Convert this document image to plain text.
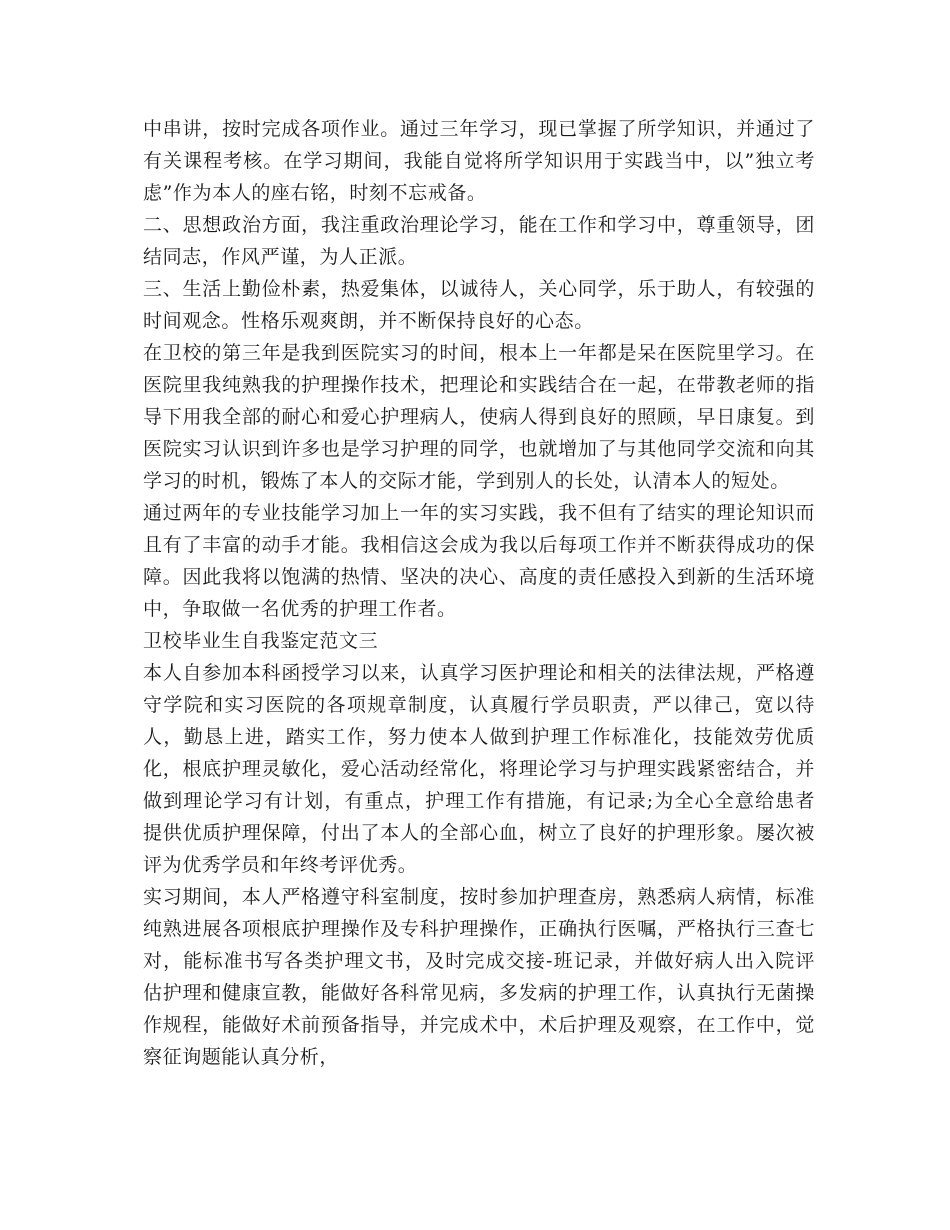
中串讲，按时完成各项作业。通过三年学习，现已掌握了所学知识，并通过了有关课程考核。在学习期间，我能自觉将所学知识用于实践当中，以”独立考虑”作为本人的座右铭，时刻不忘戒备。

二、思想政治方面，我注重政治理论学习，能在工作和学习中，尊重领导，团结同志，作风严谨，为人正派。

三、生活上勤俭朴素，热爱集体，以诚待人，关心同学，乐于助人，有较强的时间观念。性格乐观爽朗，并不断保持良好的心态。

在卫校的第三年是我到医院实习的时间，根本上一年都是呆在医院里学习。在医院里我纯熟我的护理操作技术，把理论和实践结合在一起，在带教老师的指导下用我全部的耐心和爱心护理病人，使病人得到良好的照顾，早日康复。到医院实习认识到许多也是学习护理的同学，也就增加了与其他同学交流和向其学习的时机，锻炼了本人的交际才能，学到别人的长处，认清本人的短处。

通过两年的专业技能学习加上一年的实习实践，我不但有了结实的理论知识而且有了丰富的动手才能。我相信这会成为我以后每项工作并不断获得成功的保障。因此我将以饱满的热情、坚决的决心、高度的责任感投入到新的生活环境中，争取做一名优秀的护理工作者。

卫校毕业生自我鉴定范文三

本人自参加本科函授学习以来，认真学习医护理论和相关的法律法规，严格遵守学院和实习医院的各项规章制度，认真履行学员职责，严以律己，宽以待人，勤恳上进，踏实工作，努力使本人做到护理工作标准化，技能效劳优质化，根底护理灵敏化，爱心活动经常化，将理论学习与护理实践紧密结合，并做到理论学习有计划，有重点，护理工作有措施，有记录;为全心全意给患者提供优质护理保障，付出了本人的全部心血，树立了良好的护理形象。屡次被评为优秀学员和年终考评优秀。

实习期间，本人严格遵守科室制度，按时参加护理查房，熟悉病人病情，标准纯熟进展各项根底护理操作及专科护理操作，正确执行医嘱，严格执行三查七对，能标准书写各类护理文书，及时完成交接-班记录，并做好病人出入院评估护理和健康宣教，能做好各科常见病，多发病的护理工作，认真执行无菌操作规程，能做好术前预备指导，并完成术中，术后护理及观察，在工作中，觉察征询题能认真分析，
